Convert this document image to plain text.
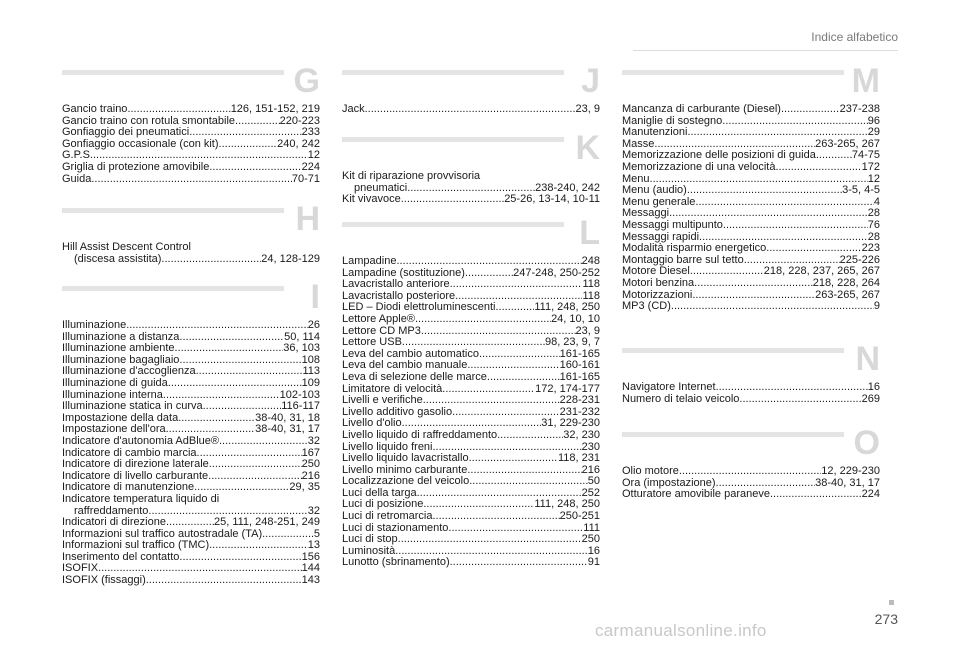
Indice alfabetico
G
Gancio traino .....	126, 151-152, 219
Gancio traino con rotula smontabile .....	220-223
Gonfiaggio dei pneumatici .....	233
Gonfiaggio occasionale (con kit) .....	240, 242
G.P.S. .....	12
Griglia di protezione amovibile .....	224
Guida .....	70-71
H
Hill Assist Descent Control
(discesa assistita) .....	24, 128-129
I
Illuminazione .....	26
Illuminazione a distanza .....	50, 114
Illuminazione ambiente .....	36, 103
Illuminazione bagagliaio .....	108
Illuminazione d'accoglienza .....	113
Illuminazione di guida .....	109
Illuminazione interna .....	102-103
Illuminazione statica in curva .....	116-117
Impostazione della data .....	38-40, 31, 18
Impostazione dell'ora .....	38-40, 31, 17
Indicatore d'autonomia AdBlue® .....	32
Indicatore di cambio marcia .....	167
Indicatore di direzione laterale .....	250
Indicatore di livello carburante .....	216
Indicatore di manutenzione .....	29, 35
Indicatore temperatura liquido di
raffreddamento .....	32
Indicatori di direzione .....	25, 111, 248-251, 249
Informazioni sul traffico autostradale (TA) .....	5
Informazioni sul traffico (TMC) .....	13
Inserimento del contatto .....	156
ISOFIX .....	144
ISOFIX (fissaggi) .....	143
J
Jack .....	23, 9
K
Kit di riparazione provvisoria
pneumatici .....	238-240, 242
Kit vivavoce .....	25-26, 13-14, 10-11
L
Lampadine .....	248
Lampadine (sostituzione) .....	247-248, 250-252
Lavacristallo anteriore .....	118
Lavacristallo posteriore .....	118
LED – Diodi elettroluminescenti .....	111, 248, 250
Lettore Apple® .....	24, 10, 10
Lettore CD MP3 .....	23, 9
Lettore USB .....	98, 23, 9, 7
Leva del cambio automatico .....	161-165
Leva del cambio manuale .....	160-161
Leva di selezione delle marce .....	161-165
Limitatore di velocità .....	172, 174-177
Livelli e verifiche .....	228-231
Livello additivo gasolio .....	231-232
Livello d'olio .....	31, 229-230
Livello liquido di raffreddamento .....	32, 230
Livello liquido freni .....	230
Livello liquido lavacristallo .....	118, 231
Livello minimo carburante .....	216
Localizzazione del veicolo .....	50
Luci della targa .....	252
Luci di posizione .....	111, 248, 250
Luci di retromarcia .....	250-251
Luci di stazionamento .....	111
Luci di stop .....	250
Luminosità .....	16
Lunotto (sbrinamento) .....	91
M
Mancanza di carburante (Diesel) .....	237-238
Maniglie di sostegno .....	96
Manutenzioni .....	29
Masse .....	263-265, 267
Memorizzazione delle posizioni di guida .....	74-75
Memorizzazione di una velocità .....	172
Menu .....	12
Menu (audio) .....	3-5, 4-5
Menu generale .....	4
Messaggi .....	28
Messaggi multipunto .....	76
Messaggi rapidi .....	28
Modalità risparmio energetico .....	223
Montaggio barre sul tetto .....	225-226
Motore Diesel .....	218, 228, 237, 265, 267
Motori benzina .....	218, 228, 264
Motorizzazioni .....	263-265, 267
MP3 (CD) .....	9
N
Navigatore Internet .....	16
Numero di telaio veicolo .....	269
O
Olio motore .....	12, 229-230
Ora (impostazione) .....	38-40, 31, 17
Otturatore amovibile paraneve .....	224
273
carmanualsonline.info
